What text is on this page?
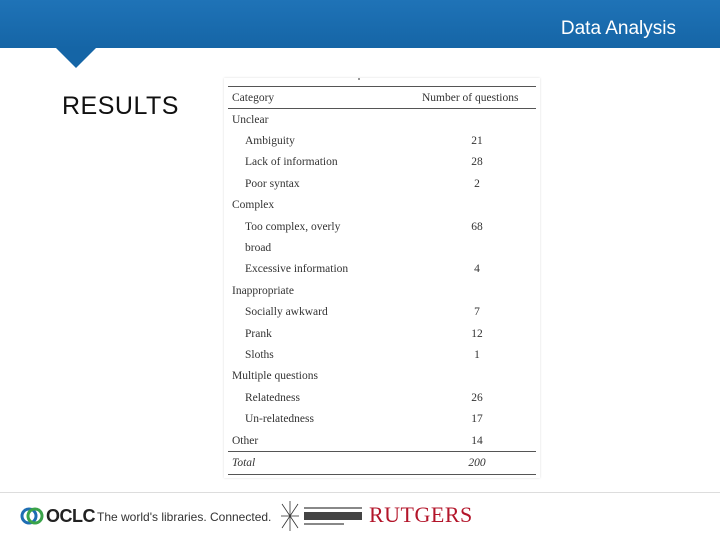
Data Analysis
RESULTS	Category	Number of questions
Unclear	
Ambiguity	21
Lack of information	28
Poor syntax	2
Complex	
Too complex, overly	68
broad	
Excessive information	4
Inappropriate	
Socially awkward	7
Prank	12
Sloths	1
Multiple questions	
Relatedness	26
Un-relatedness	17
Other	14
Total	200
OCLC The world's libraries. Connected.	RUTGERS
